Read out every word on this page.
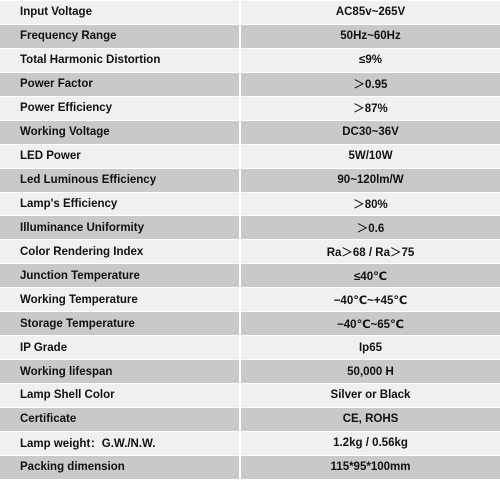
Input Voltage	AC85v~265V
Frequency Range	50Hz~60Hz
Total Harmonic Distortion	≤9%
Power Factor	＞0.95
Power Efficiency	＞87%
Working Voltage	DC30~36V
LED Power	5W/10W
Led Luminous Efficiency	90~120lm/W
Lamp's Efficiency	＞80%
Illuminance Uniformity	＞0.6
Color Rendering Index	Ra＞68 / Ra＞75
Junction Temperature	≤40℃
Working Temperature	−40℃~+45℃
Storage Temperature	−40℃~65℃
IP Grade	Ip65
Working lifespan	50,000 H
Lamp Shell Color	Silver or Black
Certificate	CE, ROHS
Lamp weight：G.W./N.W.	1.2kg / 0.56kg
Packing dimension	115*95*100mm
